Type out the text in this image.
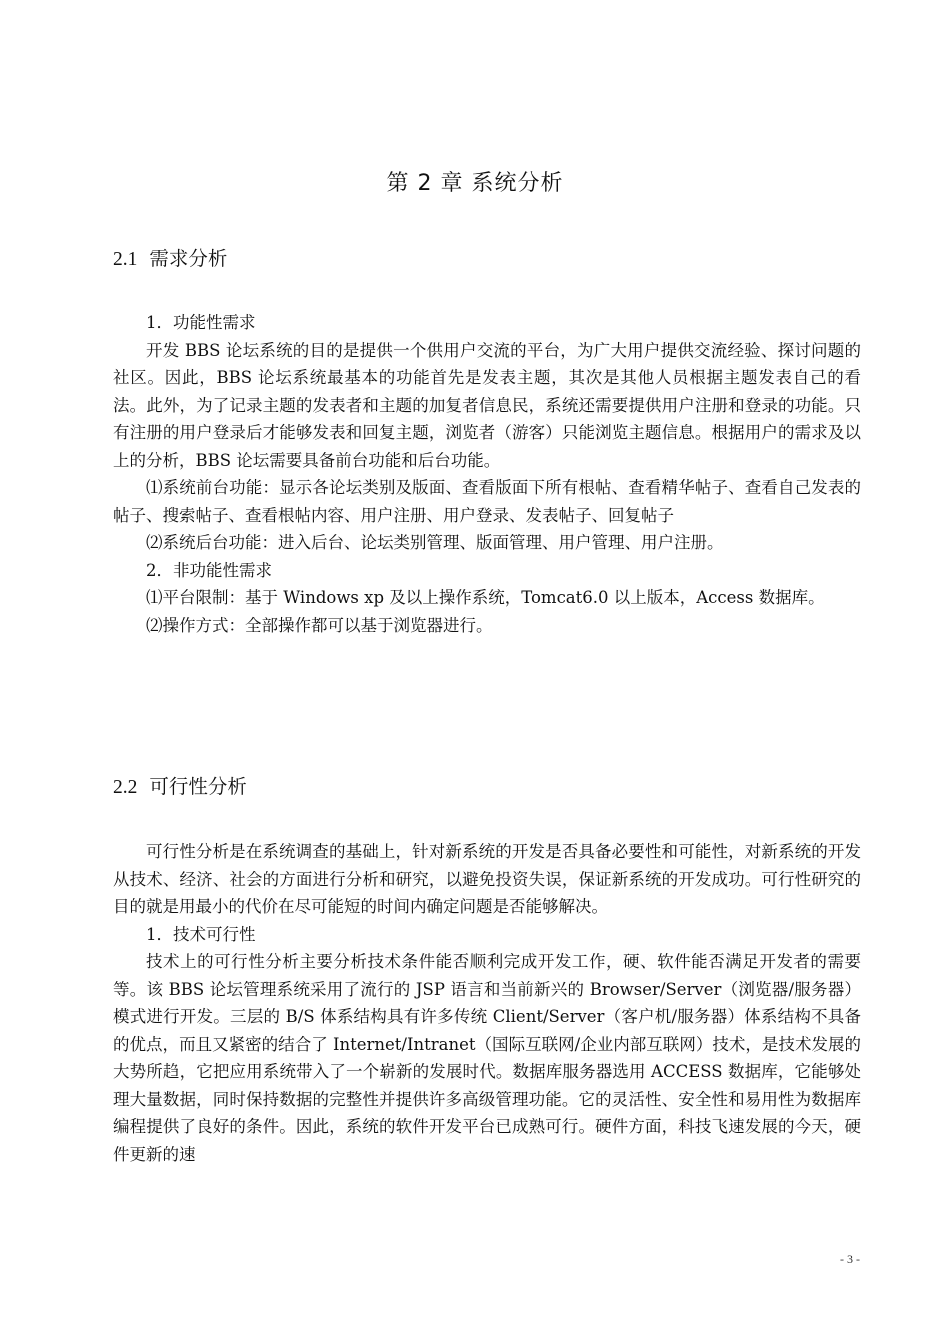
第 2 章 系统分析
2.1 需求分析

1．功能性需求

开发 BBS 论坛系统的目的是提供一个供用户交流的平台，为广大用户提供交流经验、探讨问题的社区。因此，BBS 论坛系统最基本的功能首先是发表主题，其次是其他人员根据主题发表自己的看法。此外，为了记录主题的发表者和主题的加复者信息民，系统还需要提供用户注册和登录的功能。只有注册的用户登录后才能够发表和回复主题，浏览者（游客）只能浏览主题信息。根据用户的需求及以上的分析，BBS 论坛需要具备前台功能和后台功能。

⑴系统前台功能：显示各论坛类别及版面、查看版面下所有根帖、查看精华帖子、查看自己发表的帖子、搜索帖子、查看根帖内容、用户注册、用户登录、发表帖子、回复帖子

⑵系统后台功能：进入后台、论坛类别管理、版面管理、用户管理、用户注册。

2．非功能性需求

⑴平台限制：基于 Windows xp 及以上操作系统，Tomcat6.0 以上版本，Access 数据库。

⑵操作方式：全部操作都可以基于浏览器进行。

2.2 可行性分析

可行性分析是在系统调查的基础上，针对新系统的开发是否具备必要性和可能性，对新系统的开发从技术、经济、社会的方面进行分析和研究，以避免投资失误，保证新系统的开发成功。可行性研究的目的就是用最小的代价在尽可能短的时间内确定问题是否能够解决。

1．技术可行性

技术上的可行性分析主要分析技术条件能否顺利完成开发工作，硬、软件能否满足开发者的需要等。该 BBS 论坛管理系统采用了流行的 JSP 语言和当前新兴的 Browser/Server（浏览器/服务器）模式进行开发。三层的 B/S 体系结构具有许多传统 Client/Server（客户机/服务器）体系结构不具备的优点，而且又紧密的结合了 Internet/Intranet（国际互联网/企业内部互联网）技术，是技术发展的大势所趋，它把应用系统带入了一个崭新的发展时代。数据库服务器选用 ACCESS 数据库，它能够处理大量数据，同时保持数据的完整性并提供许多高级管理功能。它的灵活性、安全性和易用性为数据库编程提供了良好的条件。因此，系统的软件开发平台已成熟可行。硬件方面，科技飞速发展的今天，硬件更新的速

- 3 -
